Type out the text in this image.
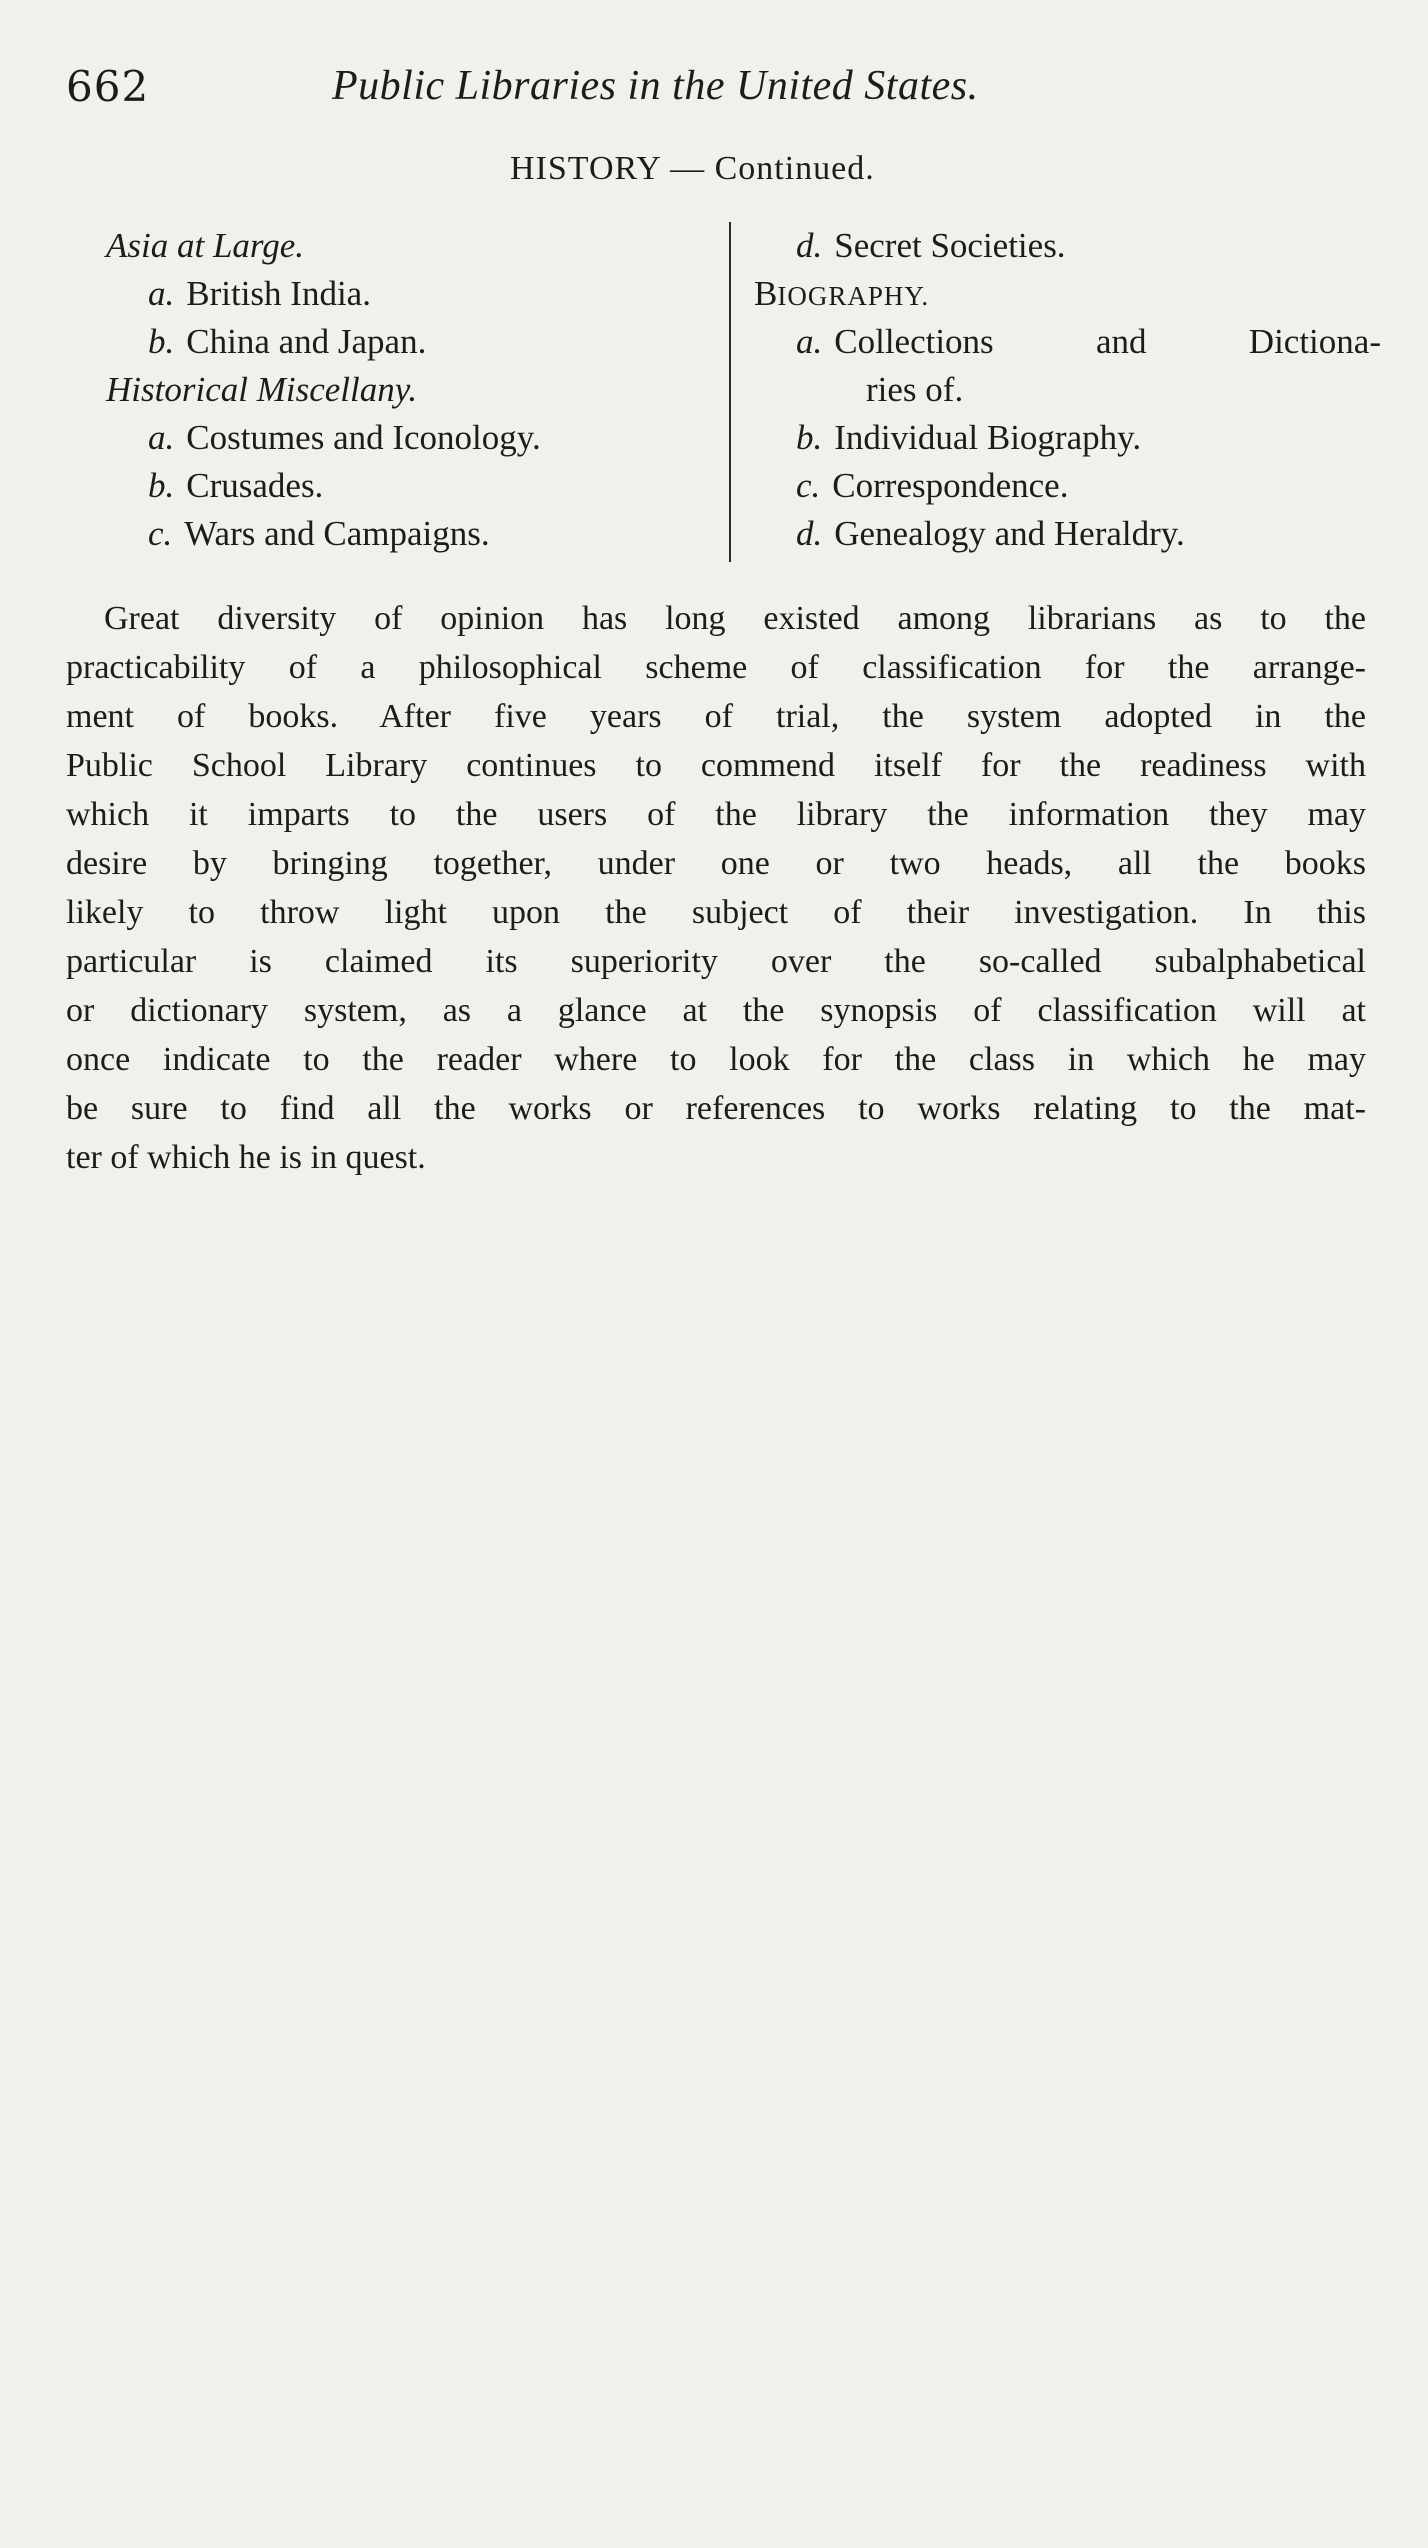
662	Public Libraries in the United States.
HISTORY — Continued.
Asia at Large.
a. British India.
b. China and Japan.
Historical Miscellany.
a. Costumes and Iconology.
b. Crusades.
c. Wars and Campaigns.
d. Secret Societies.
BIOGRAPHY.
a. Collections	and	Dictiona-
ries of.
b. Individual Biography.
c. Correspondence.
d. Genealogy and Heraldry.
Great diversity of opinion has long existed among librarians as to the
practicability of a philosophical scheme of classification for the arrange-
ment of books. After five years of trial, the system adopted in the
Public School Library continues to commend itself for the readiness with
which it imparts to the users of the library the information they may
desire by bringing together, under one or two heads, all the books
likely to throw light upon the subject of their investigation. In this
particular is claimed its superiority over the so-called subalphabetical
or dictionary system, as a glance at the synopsis of classification will at
once indicate to the reader where to look for the class in which he may
be sure to find all the works or references to works relating to the mat-
ter of which he is in quest.
